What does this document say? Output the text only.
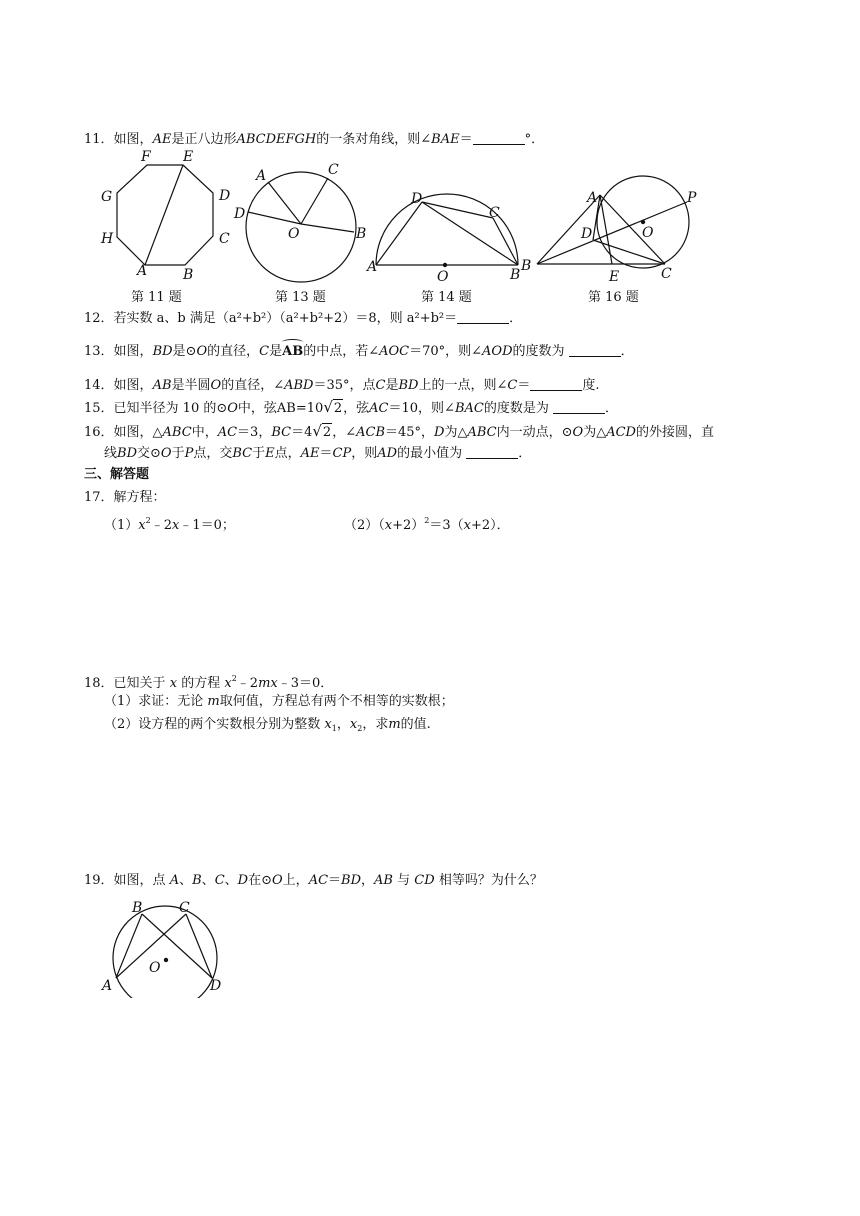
11．如图，AE是正八边形ABCDEFGH的一条对角线，则∠BAE＝	°．
F E
D
C
B
A
H
G
A	C
D
O	B
D
C
A
O	B
A	P
D	O
B
E	C
第 11 题	第 13 题	第 14 题	第 16 题
12．若实数 a、b 满足（a²+b²）（a²+b²+2）＝8，则 a²+b²＝	．
13．如图，BD是⊙O的直径，C是AB的中点，若∠AOC＝70°，则∠AOD的度数为	．
14．如图，AB是半圆O的直径，∠ABD＝35°，点C是BD上的一点，则∠C＝	度.
15．已知半径为 10 的⊙O中，弦AB=10√2，弦AC＝10，则∠BAC的度数是为	．
16．如图，△ABC中，AC＝3，BC＝4√2，∠ACB＝45°，D为△ABC内一动点，⊙O为△ACD的外接圆，直
线BD交⊙O于P点，交BC于E点，AE＝CP，则AD的最小值为	．
三、解答题
17．解方程：
$(1)x^2﹣2x﹣1=0$；	$(2)(x+2)^2=3(x+2)$．
18．已知关于 x 的方程 $x^2﹣2mx﹣3=0$．
（1）求证：无论 m取何值，方程总有两个不相等的实数根；
（2）设方程的两个实数根分别为整数 $x_1$，$x_2$，求m的值.
19．如图，点 A、B、C、D在⊙O上，AC＝BD，AB 与 CD 相等吗？为什么？
B	C
O
A	D
